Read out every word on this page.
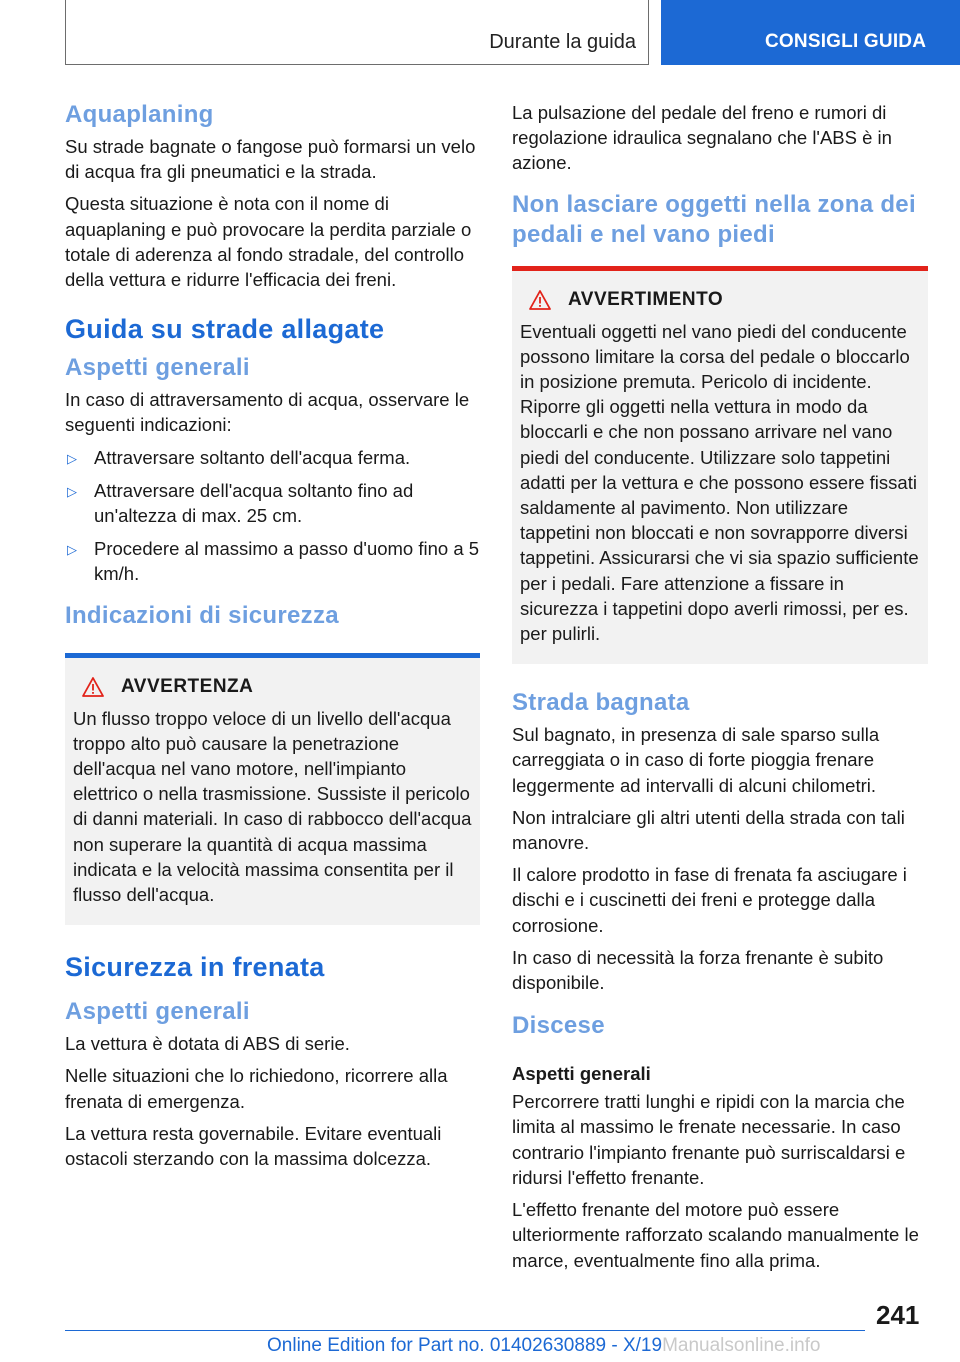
Durante la guida	CONSIGLI GUIDA
Aquaplaning

Su strade bagnate o fangose può formarsi un velo di acqua fra gli pneumatici e la strada.

Questa situazione è nota con il nome di aquaplaning e può provocare la perdita parziale o totale di aderenza al fondo stradale, del controllo della vettura e ridurre l'efficacia dei freni.

Guida su strade allagate
Aspetti generali

In caso di attraversamento di acqua, osservare le seguenti indicazioni:

▷ Attraversare soltanto dell'acqua ferma.
▷ Attraversare dell'acqua soltanto fino ad un'altezza di max. 25 cm.
▷ Procedere al massimo a passo d'uomo fino a 5 km/h.
Indicazioni di sicurezza
AVVERTENZA

Un flusso troppo veloce di un livello dell'acqua troppo alto può causare la penetrazione dell'acqua nel vano motore, nell'impianto elettrico o nella trasmissione. Sussiste il pericolo di danni materiali. In caso di rabbocco dell'acqua non superare la quantità di acqua massima indicata e la velocità massima consentita per il flusso dell'acqua.

Sicurezza in frenata
Aspetti generali

La vettura è dotata di ABS di serie.

Nelle situazioni che lo richiedono, ricorrere alla frenata di emergenza.

La vettura resta governabile. Evitare eventuali ostacoli sterzando con la massima dolcezza.

La pulsazione del pedale del freno e rumori di regolazione idraulica segnalano che l'ABS è in azione.

Non lasciare oggetti nella zona dei pedali e nel vano piedi
AVVERTIMENTO

Eventuali oggetti nel vano piedi del conducente possono limitare la corsa del pedale o bloccarlo in posizione premuta. Pericolo di incidente. Riporre gli oggetti nella vettura in modo da bloccarli e che non possano arrivare nel vano piedi del conducente. Utilizzare solo tappetini adatti per la vettura e che possono essere fissati saldamente al pavimento. Non utilizzare tappetini non bloccati e non sovrapporre diversi tappetini. Assicurarsi che vi sia spazio sufficiente per i pedali. Fare attenzione a fissare in sicurezza i tappetini dopo averli rimossi, per es. per pulirli.

Strada bagnata

Sul bagnato, in presenza di sale sparso sulla carreggiata o in caso di forte pioggia frenare leggermente ad intervalli di alcuni chilometri.

Non intralciare gli altri utenti della strada con tali manovre.

Il calore prodotto in fase di frenata fa asciugare i dischi e i cuscinetti dei freni e protegge dalla corrosione.

In caso di necessità la forza frenante è subito disponibile.

Discese
Aspetti generali

Percorrere tratti lunghi e ripidi con la marcia che limita al massimo le frenate necessarie. In caso contrario l'impianto frenante può surriscaldarsi e ridursi l'effetto frenante.

L'effetto frenante del motore può essere ulteriormente rafforzato scalando manualmente le marce, eventualmente fino alla prima.

241
Online Edition for Part no. 01402630889 - X/19Manualsonline.info
